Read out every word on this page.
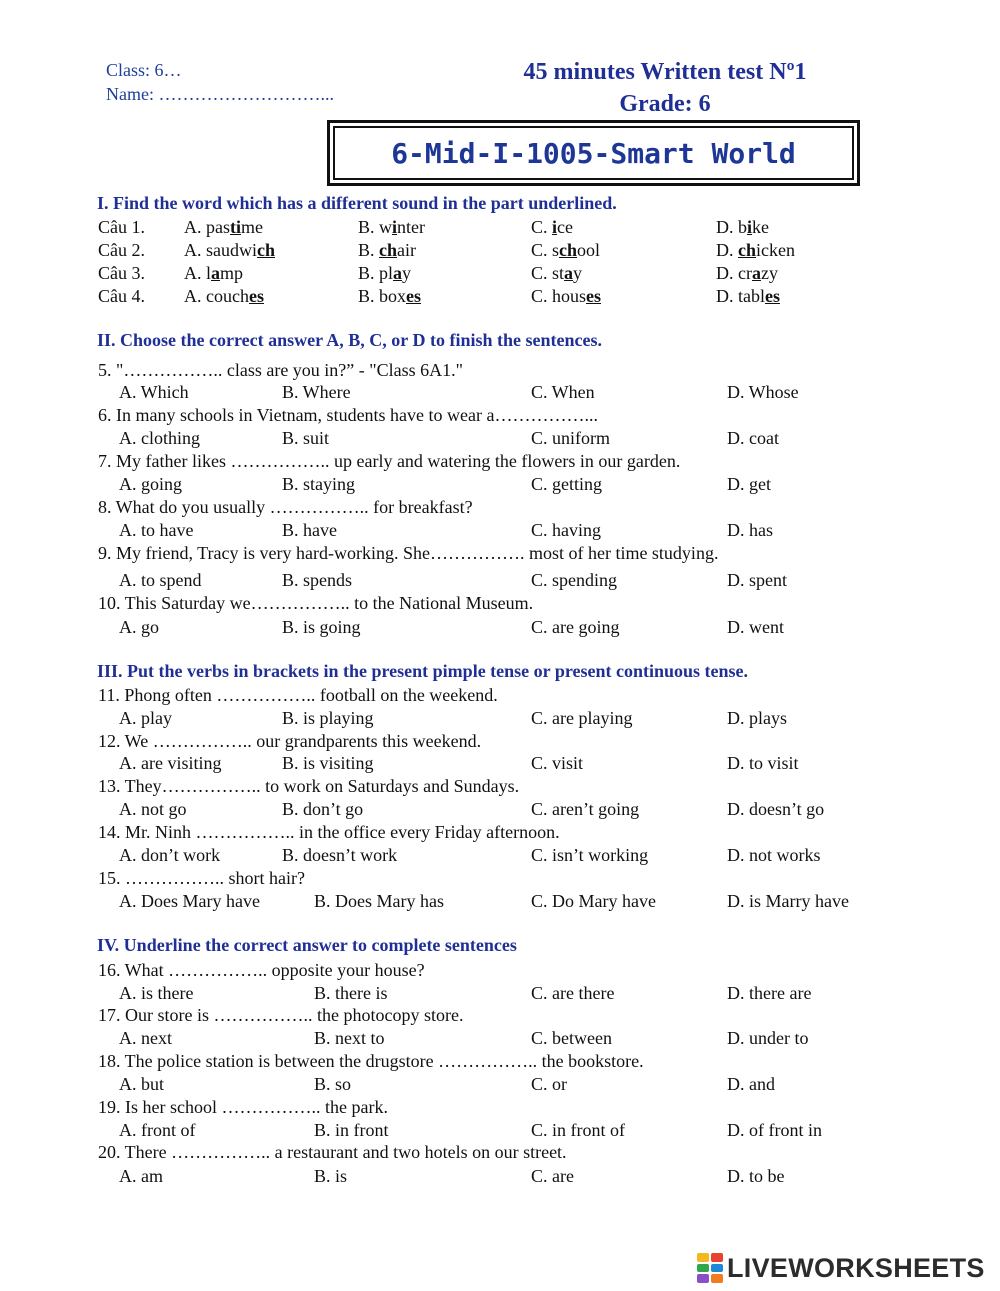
Class: 6…
Name: ………………………...
45 minutes Written test Nº1
Grade: 6
6-Mid-I-1005-Smart World
I. Find the word which has a different sound in the part underlined.
Câu 1. A. pastime	B. winter	C. ice	D. bike
Câu 2. A. saudwich	B. chair	C. school	D. chicken
Câu 3. A. lamp	B. play	C. stay	D. crazy
Câu 4. A. couches	B. boxes	C. houses	D. tables
II. Choose the correct answer A, B, C, or D to finish the sentences.
5. "…………….. class are you in?” - "Class 6A1."
A. Which	B. Where	C. When	D. Whose
6. In many schools in Vietnam, students have to wear a……………...
A. clothing	B. suit	C. uniform	D. coat
7. My father likes …………….. up early and watering the flowers in our garden.
A. going	B. staying	C. getting	D. get
8. What do you usually …………….. for breakfast?
A. to have	B. have	C. having	D. has
9. My friend, Tracy is very hard-working. She……………. most of her time studying.
A. to spend	B. spends	C. spending	D. spent
10. This Saturday we…………….. to the National Museum.
A. go	B. is going	C. are going	D. went
III. Put the verbs in brackets in the present pimple tense or present continuous tense.
11. Phong often …………….. football on the weekend.
A. play	B. is playing	C. are playing	D. plays
12. We …………….. our grandparents this weekend.
A. are visiting	B. is visiting	C. visit	D. to visit
13. They…………….. to work on Saturdays and Sundays.
A. not go	B. don’t go	C. aren’t going	D. doesn’t go
14. Mr. Ninh …………….. in the office every Friday afternoon.
A. don’t work	B. doesn’t work	C. isn’t working	D. not works
15. …………….. short hair?
A. Does Mary have	B. Does Mary has	C. Do Mary have	D. is Marry have
IV. Underline the correct answer to complete sentences
16. What …………….. opposite your house?
A. is there	B. there is	C. are there	D. there are
17. Our store is …………….. the photocopy store.
A. next	B. next to	C. between	D. under to
18. The police station is between the drugstore …………….. the bookstore.
A. but	B. so	C. or	D. and
19. Is her school …………….. the park.
A. front of	B. in front	C. in front of	D. of front in
20. There …………….. a restaurant and two hotels on our street.
A. am	B. is	C. are	D. to be
LIVEWORKSHEETS
